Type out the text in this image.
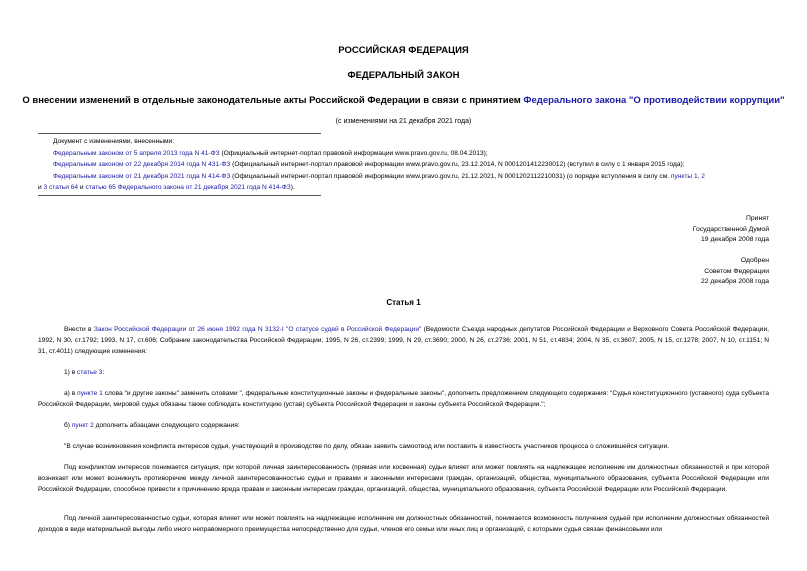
РОССИЙСКАЯ ФЕДЕРАЦИЯ
ФЕДЕРАЛЬНЫЙ ЗАКОН
О внесении изменений в отдельные законодательные акты Российской Федерации в связи с принятием Федерального закона "О противодействии коррупции"
(с изменениями на 21 декабря 2021 года)
Документ с изменениями, внесенными:
Федеральным законом от 5 апреля 2013 года N 41-ФЗ (Официальный интернет-портал правовой информации www.pravo.gov.ru, 08.04.2013);
Федеральным законом от 22 декабря 2014 года N 431-ФЗ (Официальный интернет-портал правовой информации www.pravo.gov.ru, 23.12.2014, N 0001201412230012) (вступил в силу с 1 января 2015 года);
Федеральным законом от 21 декабря 2021 года N 414-ФЗ (Официальный интернет-портал правовой информации www.pravo.gov.ru, 21.12.2021, N 0001202112210031) (о порядке вступления в силу см. пункты 1, 2
и 3 статьи 64 и статью 65 Федерального закона от 21 декабря 2021 года N 414-ФЗ).
Принят
Государственной Думой
19 декабря 2008 года
Одобрен
Советом Федерации
22 декабря 2008 года
Статья 1
Внести в Закон Российской Федерации от 26 июня 1992 года N 3132-I "О статусе судей в Российской Федерации" (Ведомости Съезда народных депутатов Российской Федерации и Верховного Совета Российской Федерации, 1992, N 30, ст.1792; 1993, N 17, ст.606; Собрание законодательства Российской Федерации, 1995, N 26, ст.2399; 1999, N 29, ст.3690; 2000, N 26, ст.2736; 2001, N 51, ст.4834; 2004, N 35, ст.3607; 2005, N 15, ст.1278; 2007, N 10, ст.1151; N 31, ст.4011) следующие изменения:
1) в статье 3:
а) в пункте 1 слова "и другие законы" заменить словами ", федеральные конституционные законы и федеральные законы", дополнить предложением следующего содержания: "Судья конституционного (уставного) суда субъекта Российской Федерации, мировой судья обязаны также соблюдать конституцию (устав) субъекта Российской Федерации и законы субъекта Российской Федерации.";
б) пункт 2 дополнить абзацами следующего содержания:
"В случае возникновения конфликта интересов судья, участвующий в производстве по делу, обязан заявить самоотвод или поставить в известность участников процесса о сложившейся ситуации.
Под конфликтом интересов понимается ситуация, при которой личная заинтересованность (прямая или косвенная) судьи влияет или может повлиять на надлежащее исполнение им должностных обязанностей и при которой возникает или может возникнуть противоречие между личной заинтересованностью судьи и правами и законными интересами граждан, организаций, общества, муниципального образования, субъекта Российской Федерации или Российской Федерации, способное привести к причинению вреда правам и законным интересам граждан, организаций, общества, муниципального образования, субъекта Российской Федерации или Российской Федерации.
Под личной заинтересованностью судьи, которая влияет или может повлиять на надлежащее исполнение им должностных обязанностей, понимается возможность получения судьей при исполнении должностных обязанностей доходов в виде материальной выгоды либо иного неправомерного преимущества непосредственно для судьи, членов его семьи или иных лиц и организаций, с которыми судья связан финансовыми или
